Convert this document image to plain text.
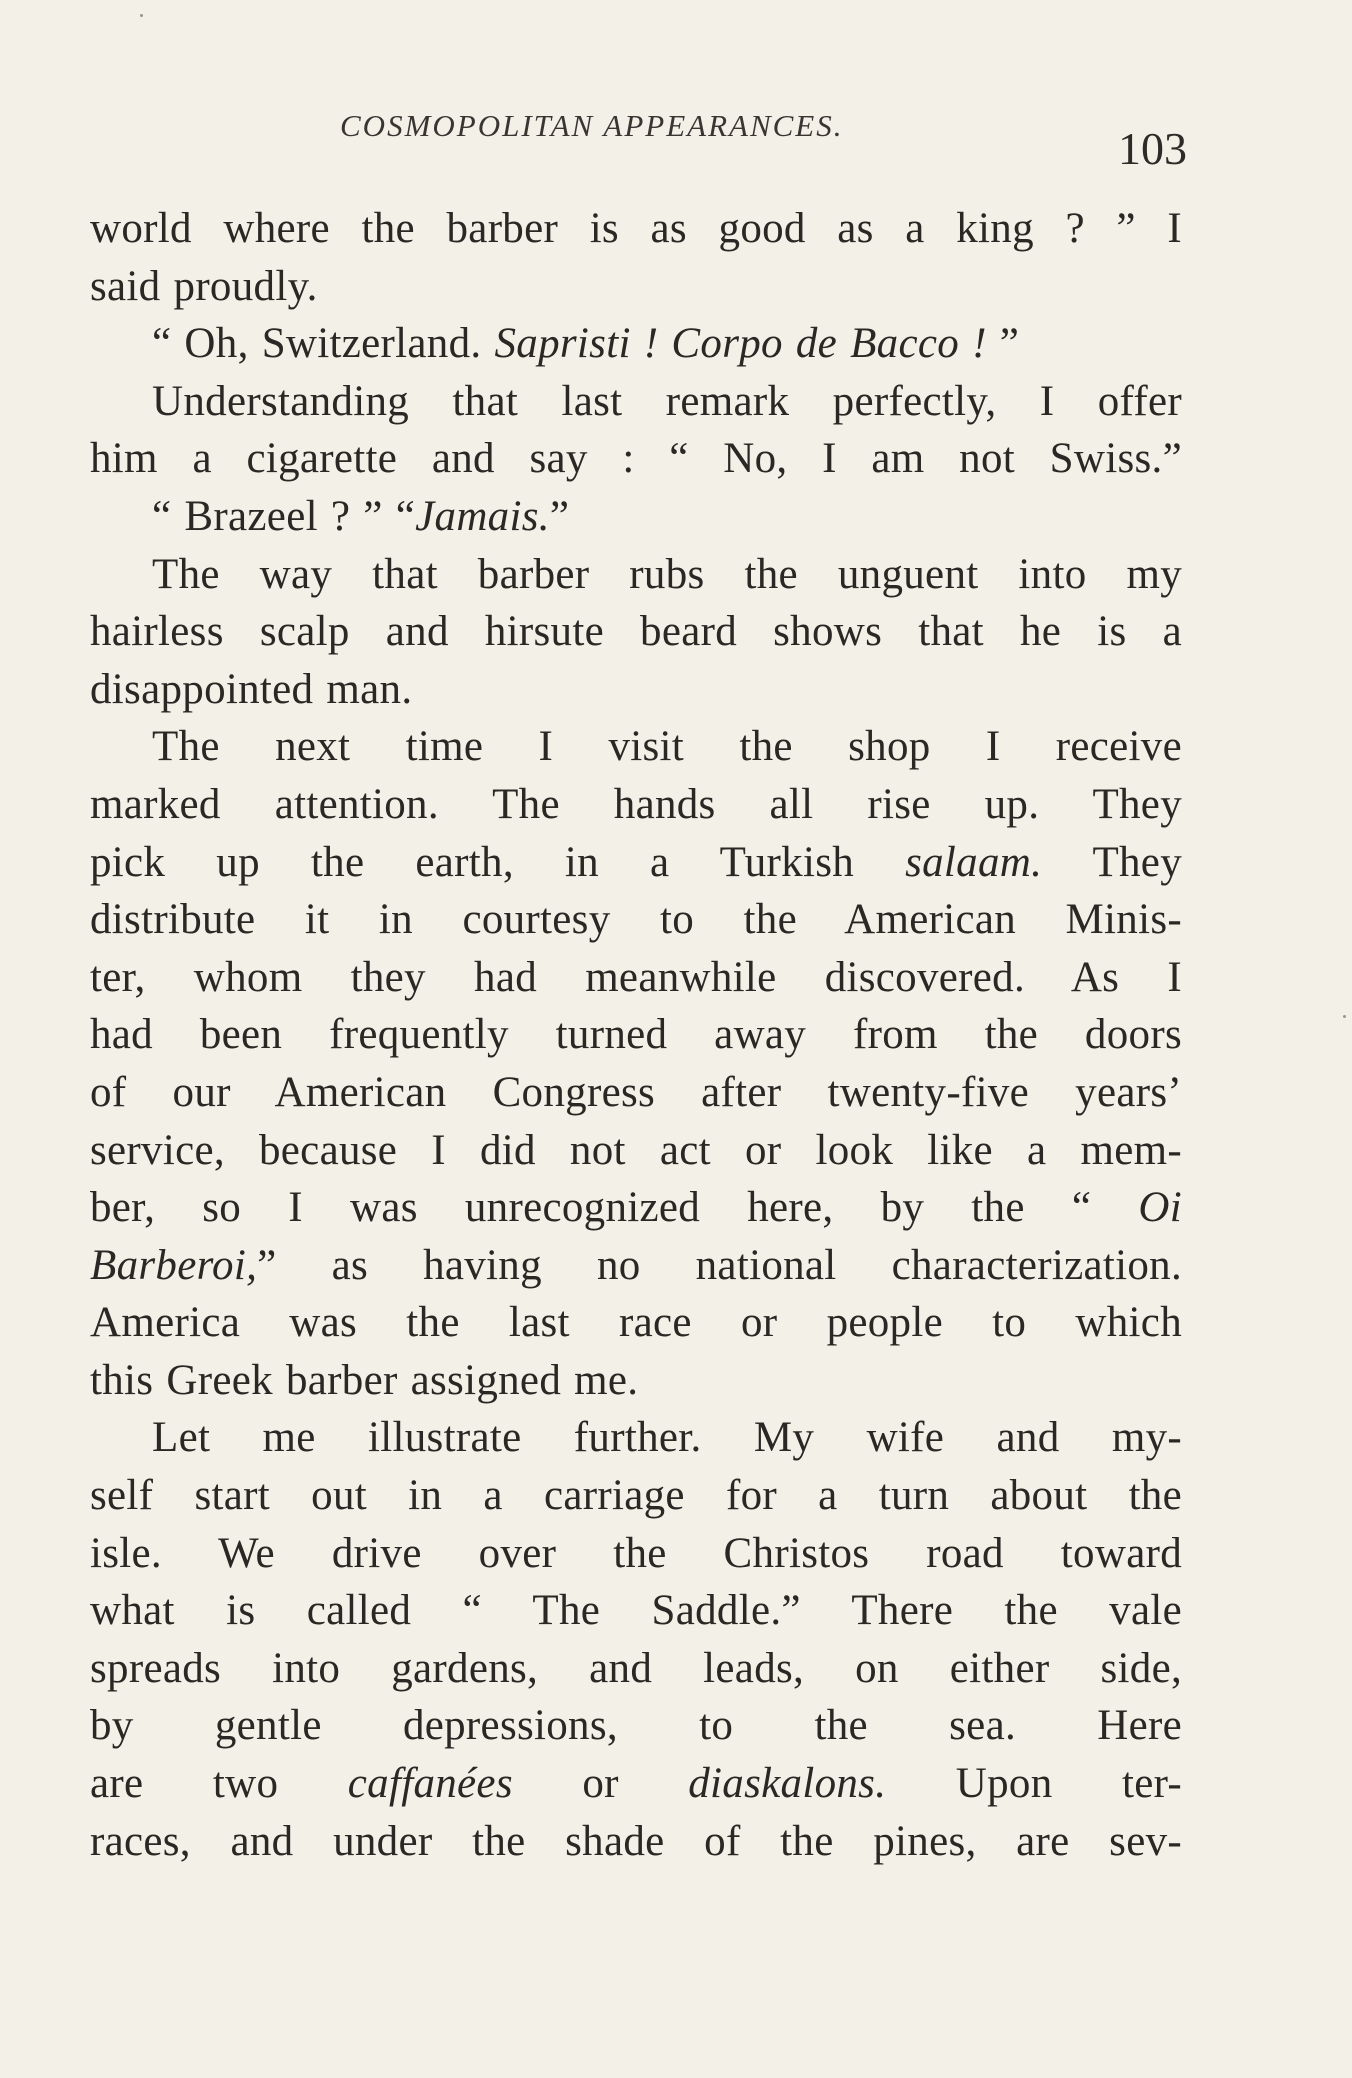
COSMOPOLITAN APPEARANCES.	103
world where the barber is as good as a king ? ” I
said proudly.
“ Oh, Switzerland. Sapristi ! Corpo de Bacco ! ”
Understanding that last remark perfectly, I offer
him a cigarette and say : “ No, I am not Swiss.”
“ Brazeel ? ” “Jamais.”
The way that barber rubs the unguent into my
hairless scalp and hirsute beard shows that he is a
disappointed man.
The next time I visit the shop I receive
marked attention. The hands all rise up. They
pick up the earth, in a Turkish salaam. They
distribute it in courtesy to the American Minis-
ter, whom they had meanwhile discovered. As I
had been frequently turned away from the doors
of our American Congress after twenty-five years’
service, because I did not act or look like a mem-
ber, so I was unrecognized here, by the “ Oi
Barberoi,” as having no national characterization.
America was the last race or people to which
this Greek barber assigned me.
Let me illustrate further. My wife and my-
self start out in a carriage for a turn about the
isle. We drive over the Christos road toward
what is called “ The Saddle.” There the vale
spreads into gardens, and leads, on either side,
by gentle depressions, to the sea. Here
are two caffanées or diaskalons. Upon ter-
races, and under the shade of the pines, are sev-
